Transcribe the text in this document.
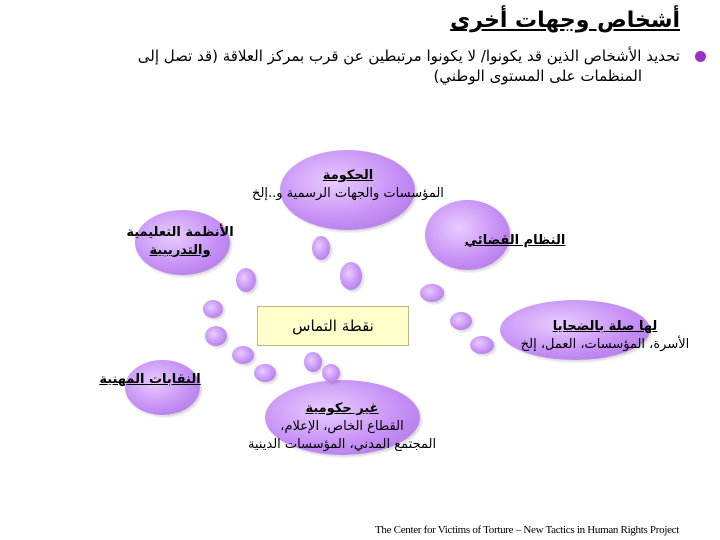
أشخاص وجهات أخرى
تحديد الأشخاص الذين قد يكونوا/ لا يكونوا مرتبطين عن قرب بمركز العلاقة (قد تصل إلى
المنظمات على المستوى الوطني)
نقطة التماس
الحكومة
المؤسسات والجهات الرسمية و..إلخ
الأنظمة التعليمية
والتدريبية
النظام القضائي
لها صلة بالضحايا
الأسرة، المؤسسات، العمل، إلخ
النقابات المهنية
غير حكومية
القطاع الخاص، الإعلام،
المجتمع المدني، المؤسسات الدينية
The Center for Victims of Torture – New Tactics in Human Rights Project
